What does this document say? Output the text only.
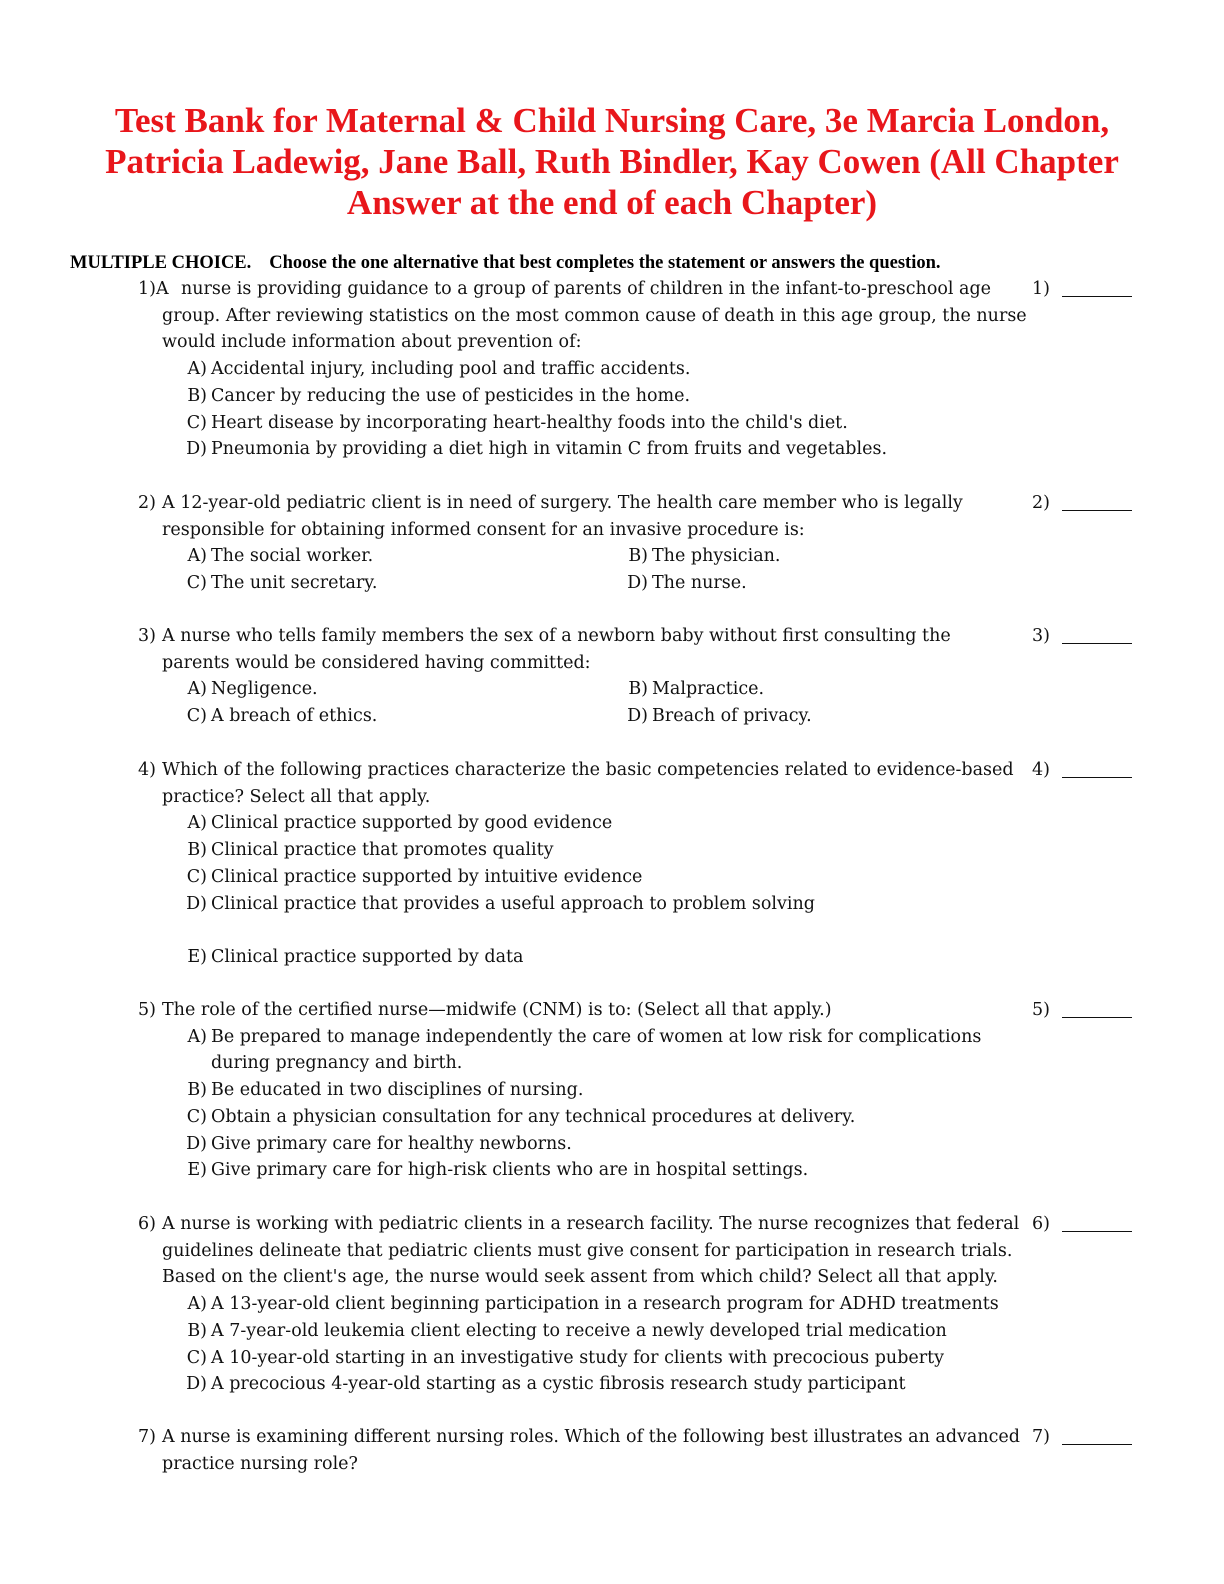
Test Bank for Maternal & Child Nursing Care, 3e Marcia London, Patricia Ladewig, Jane Ball, Ruth Bindler, Kay Cowen (All Chapter Answer at the end of each Chapter)
MULTIPLE CHOICE. Choose the one alternative that best completes the statement or answers the question.
1)A nurse is providing guidance to a group of parents of children in the infant-to-preschool age
group. After reviewing statistics on the most common cause of death in this age group, the nurse
would include information about prevention of:
1)
A) Accidental injury, including pool and traffic accidents.
B) Cancer by reducing the use of pesticides in the home.
C) Heart disease by incorporating heart-healthy foods into the child's diet.
D) Pneumonia by providing a diet high in vitamin C from fruits and vegetables.
2) A 12-year-old pediatric client is in need of surgery. The health care member who is legally
responsible for obtaining informed consent for an invasive procedure is:
2)
A) The social worker.	B) The physician.
C) The unit secretary.	D) The nurse.
3) A nurse who tells family members the sex of a newborn baby without first consulting the
parents would be considered having committed:
3)
A) Negligence.	B) Malpractice.
C) A breach of ethics.	D) Breach of privacy.
4) Which of the following practices characterize the basic competencies related to evidence-based
practice? Select all that apply.
4)
A) Clinical practice supported by good evidence
B) Clinical practice that promotes quality
C) Clinical practice supported by intuitive evidence
D) Clinical practice that provides a useful approach to problem solving
E) Clinical practice supported by data
5) The role of the certified nurse—midwife (CNM) is to: (Select all that apply.)	5)
A) Be prepared to manage independently the care of women at low risk for complications
during pregnancy and birth.
B) Be educated in two disciplines of nursing.
C) Obtain a physician consultation for any technical procedures at delivery.
D) Give primary care for healthy newborns.
E) Give primary care for high-risk clients who are in hospital settings.
6) A nurse is working with pediatric clients in a research facility. The nurse recognizes that federal
guidelines delineate that pediatric clients must give consent for participation in research trials.
Based on the client's age, the nurse would seek assent from which child? Select all that apply.
6)
A) A 13-year-old client beginning participation in a research program for ADHD treatments
B) A 7-year-old leukemia client electing to receive a newly developed trial medication
C) A 10-year-old starting in an investigative study for clients with precocious puberty
D) A precocious 4-year-old starting as a cystic fibrosis research study participant
7) A nurse is examining different nursing roles. Which of the following best illustrates an advanced
practice nursing role?
7)
